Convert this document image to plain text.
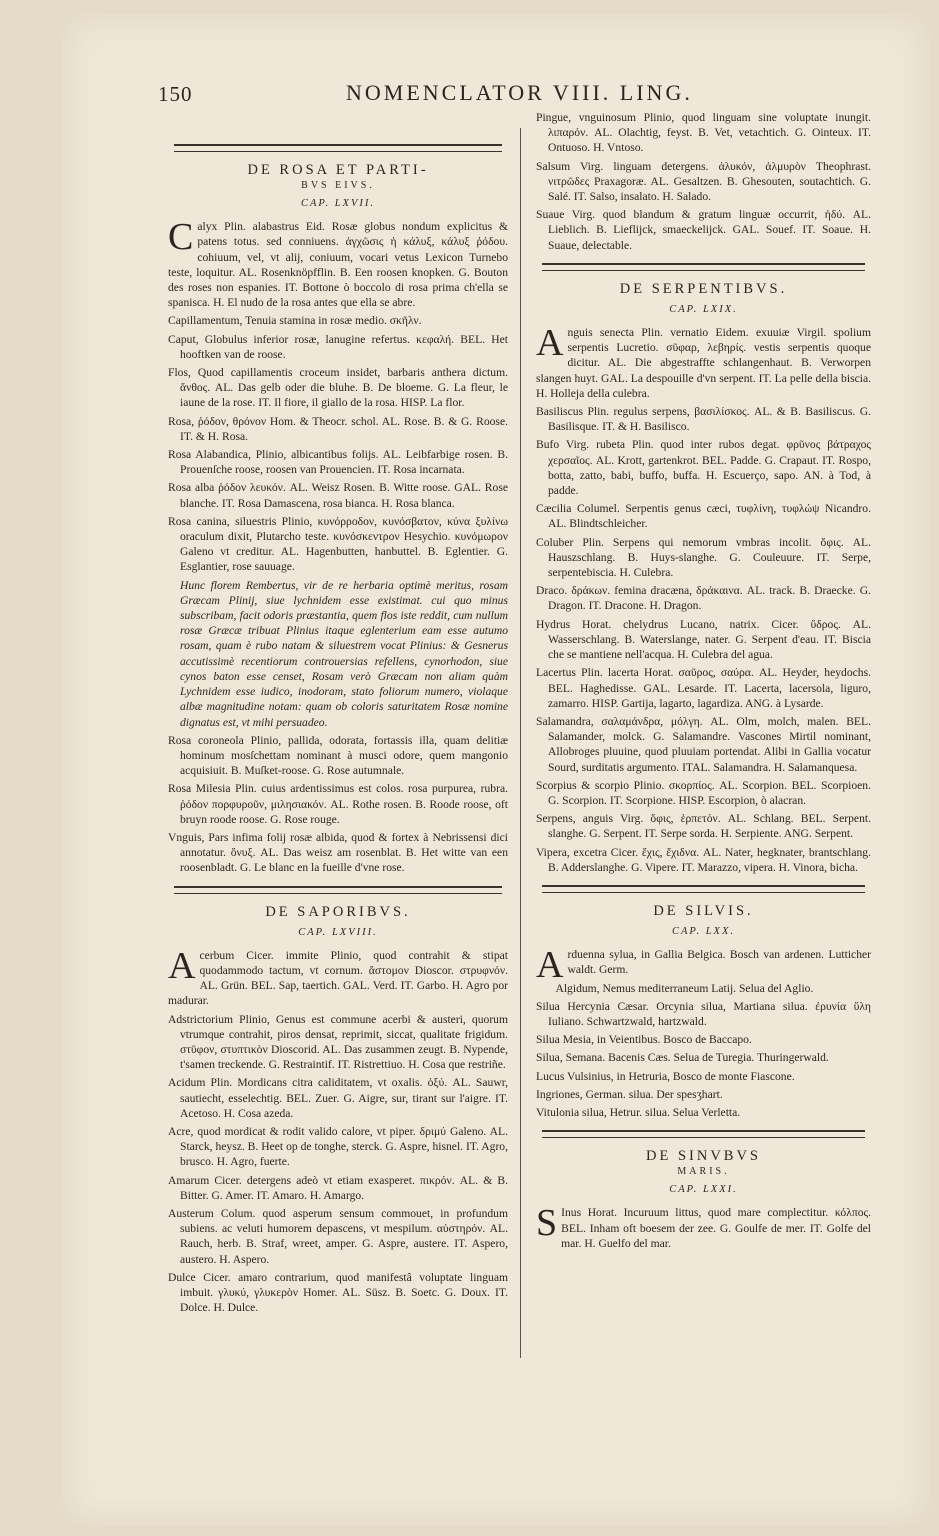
150	NOMENCLATOR VIII. LING.
DE ROSA ET PARTI-
BVS EIVS.
CAP. LXVII.
Calyx Plin. alabastrus Eid. Rosæ globus nondum explicitus & patens totus. sed conniuens. ἀγχῶσις ἡ κάλυξ, κάλυξ ῥόδου. cohiuum, vel, vt alij, coniuum, vocari vetus Lexicon Turnebo teste, loquitur. AL. Rosenknöpfflin. B. Een roosen knopken. G. Bouton des roses non espanies. IT. Bottone ò boccolo di rosa prima ch'ella se spanisca. H. El nudo de la rosa antes que ella se abre.
Capillamentum, Tenuia stamina in rosæ medio. σκῆλν.
Caput, Globulus inferior rosæ, lanugine refertus. κεφαλή. BEL. Het hooftken van de roose.
Flos, Quod capillamentis croceum insidet, barbaris anthera dictum. ἄνθος. AL. Das gelb oder die bluhe. B. De bloeme. G. La fleur, le iaune de la rose. IT. Il fiore, il giallo de la rosa. HISP. La flor.
Rosa, ῥόδον, θρόνον Hom. & Theocr. schol. AL. Rose. B. & G. Roose. IT. & H. Rosa.
Rosa Alabandica, Plinio, albicantibus folijs. AL. Leibfarbige rosen. B. Prouenſche roose, roosen van Prouencien. IT. Rosa incarnata.
Rosa alba ῥόδον λευκόν. AL. Weisz Rosen. B. Witte roose. GAL. Rose blanche. IT. Rosa Damascena, rosa bianca. H. Rosa blanca.
Rosa canina, siluestris Plinio, κυνόρροδον, κυνόσβατον, κύνα ξυλίνω oraculum dixit, Plutarcho teste. κυνόσκεντρον Hesychio. κυνόμωρον Galeno vt creditur. AL. Hagenbutten, hanbuttel. B. Eglentier. G. Esglantier, rose sauuage.
Hunc florem Rembertus, vir de re herbaria optimè meritus, rosam Græcam Plinij, siue lychnidem esse existimat. cui quo minus subscribam, facit odoris præstantia, quem flos iste reddit, cum nullum rosæ Græcæ tribuat Plinius itaque eglenterium eam esse autumo rosam, quam è rubo natam & siluestrem vocat Plinius: & Gesnerus accutissimè recentiorum controuersias refellens, cynorhodon, siue cynos baton esse censet, Rosam verò Græcam non aliam quàm Lychnidem esse iudico, inodoram, stato foliorum numero, violaque albæ magnitudine notam: quam ob coloris saturitatem Rosæ nomine dignatus est, vt mihi persuadeo.
Rosa coroneola Plinio, pallida, odorata, fortassis illa, quam delitiæ hominum mosſchettam nominant à musci odore, quem mangonio acquisiuit. B. Muſket-roose. G. Rose autumnale.
Rosa Milesia Plin. cuius ardentissimus est colos. rosa purpurea, rubra. ῥόδον πορφυροῦν, μιλησιακόν. AL. Rothe rosen. B. Roode roose, oft bruyn roode roose. G. Rose rouge.
Vnguis, Pars infima folij rosæ albida, quod & fortex à Nebrissensi dici annotatur. ὄνυξ. AL. Das weisz am rosenblat. B. Het witte van een roosenbladt. G. Le blanc en la fueille d'vne rose.
DE SAPORIBVS.
CAP. LXVIII.
Acerbum Cicer. immite Plinio, quod contrahit & stipat quodammodo tactum, vt cornum. ἄστομον Dioscor. στρυφνόν. AL. Grün. BEL. Sap, taertich. GAL. Verd. IT. Garbo. H. Agro por madurar.
Adstrictorium Plinio, Genus est commune acerbi & austeri, quorum vtrumque contrahit, piros densat, reprimit, siccat, qualitate frigidum. στῦφον, στυπτικὸν Dioscorid. AL. Das zusammen zeugt. B. Nypende, t'samen treckende. G. Restraintif. IT. Ristrettiuo. H. Cosa que restriñe.
Acidum Plin. Mordicans citra caliditatem, vt oxalis. ὀξύ. AL. Sauwr, sautiecht, esselechtig. BEL. Zuer. G. Aigre, sur, tirant sur l'aigre. IT. Acetoso. H. Cosa azeda.
Acre, quod mordicat & rodit valido calore, vt piper. δριμύ Galeno. AL. Starck, heysz. B. Heet op de tonghe, sterck. G. Aspre, hisnel. IT. Agro, brusco. H. Agro, fuerte.
Amarum Cicer. detergens adeò vt etiam exasperet. πικρόν. AL. & B. Bitter. G. Amer. IT. Amaro. H. Amargo.
Austerum Colum. quod asperum sensum commouet, in profundum subiens. ac veluti humorem depascens, vt mespilum. αὐστηρόν. AL. Rauch, herb. B. Straf, wreet, amper. G. Aspre, austere. IT. Aspero, austero. H. Aspero.
Dulce Cicer. amaro contrarium, quod manifestâ voluptate linguam imbuit. γλυκύ, γλυκερὸν Homer. AL. Süsz. B. Soetc. G. Doux. IT. Dolce. H. Dulce.
Pingue, vnguinosum Plinio, quod linguam sine voluptate inungit. λιπαρόν. AL. Olachtig, feyst. B. Vet, vetachtich. G. Ointeux. IT. Ontuoso. H. Vntoso.
Salsum Virg. linguam detergens. ἁλυκόν, ἁλμυρὸν Theophrast. νιτρῶδες Praxagoræ. AL. Gesaltzen. B. Ghesouten, soutachtich. G. Salé. IT. Salso, insalato. H. Salado.
Suaue Virg. quod blandum & gratum linguæ occurrit, ἡδύ. AL. Lieblich. B. Lieflijck, smaeckelijck. GAL. Souef. IT. Soaue. H. Suaue, delectable.
DE SERPENTIBVS.
CAP. LXIX.
Anguis senecta Plin. vernatio Eidem. exuuiæ Virgil. spolium serpentis Lucretio. σῦφαρ, λεβηρίς. vestis serpentis quoque dicitur. AL. Die abgestraffte schlangenhaut. B. Verworpen slangen huyt. GAL. La despouille d'vn serpent. IT. La pelle della biscia. H. Holleja della culebra.
Basiliscus Plin. regulus serpens, βασιλίσκος. AL. & B. Basiliscus. G. Basilisque. IT. & H. Basilisco.
Bufo Virg. rubeta Plin. quod inter rubos degat. φρῦνος βάτραχος χερσαῖος. AL. Krott, gartenkrot. BEL. Padde. G. Crapaut. IT. Rospo, botta, zatto, babi, buffo, buffa. H. Escuerço, sapo. AN. à Tod, à padde.
Cæcilia Columel. Serpentis genus cæci, τυφλίνη, τυφλώψ Nicandro. AL. Blindtschleicher.
Coluber Plin. Serpens qui nemorum vmbras incolit. ὄφις. AL. Hauszschlang. B. Huys-slanghe. G. Couleuure. IT. Serpe, serpentebiscia. H. Culebra.
Draco. δράκων. femina dracæna, δράκαινα. AL. track. B. Draecke. G. Dragon. IT. Dracone. H. Dragon.
Hydrus Horat. chelydrus Lucano, natrix. Cicer. ὕδρος. AL. Wasserschlang. B. Waterslange, nater. G. Serpent d'eau. IT. Biscia che se mantiene nell'acqua. H. Culebra del agua.
Lacertus Plin. lacerta Horat. σαῦρος, σαύρα. AL. Heyder, heydochs. BEL. Haghedisse. GAL. Lesarde. IT. Lacerta, lacersola, liguro, zamarro. HISP. Gartija, lagarto, lagardiza. ANG. à Lysarde.
Salamandra, σαλαμάνδρα, μόλγη. AL. Olm, molch, malen. BEL. Salamander, molck. G. Salamandre. Vascones Mirtil nominant, Allobroges pluuine, quod pluuiam portendat. Alibi in Gallia vocatur Sourd, surditatis argumento. ITAL. Salamandra. H. Salamanquesa.
Scorpius & scorpio Plinio. σκορπίος. AL. Scorpion. BEL. Scorpioen. G. Scorpion. IT. Scorpione. HISP. Escorpion, ò alacran.
Serpens, anguis Virg. ὄφις, ἑρπετόν. AL. Schlang. BEL. Serpent. slanghe. G. Serpent. IT. Serpe sorda. H. Serpiente. ANG. Serpent.
Vipera, excetra Cicer. ἔχις, ἔχιδνα. AL. Nater, hegknater, brantschlang. B. Adderslanghe. G. Vipere. IT. Marazzo, vipera. H. Vinora, bicha.
DE SILVIS.
CAP. LXX.
Arduenna sylua, in Gallia Belgica. Bosch van ardenen. Lutticher waldt. Germ.
Algidum, Nemus mediterraneum Latij. Selua del Aglio.
Silua Hercynia Cæsar. Orcynia silua, Martiana silua. ἐρυνία ὕλη Iuliano. Schwartzwald, hartzwald.
Silua Mesia, in Veientibus. Bosco de Baccapo.
Silua, Semana. Bacenis Cæs. Selua de Turegia. Thuringerwald.
Lucus Vulsinius, in Hetruria, Bosco de monte Fiascone.
Ingriones, German. silua. Der spesʒhart.
Vitulonia silua, Hetrur. silua. Selua Verletta.
DE SINVBVS
MARIS.
CAP. LXXI.
S Inus Horat. Incuruum littus, quod mare complectitur. κόλπος. BEL. Inham oft boesem der zee. G. Goulfe de mer. IT. Golfe del mar. H. Guelfo del mar.
